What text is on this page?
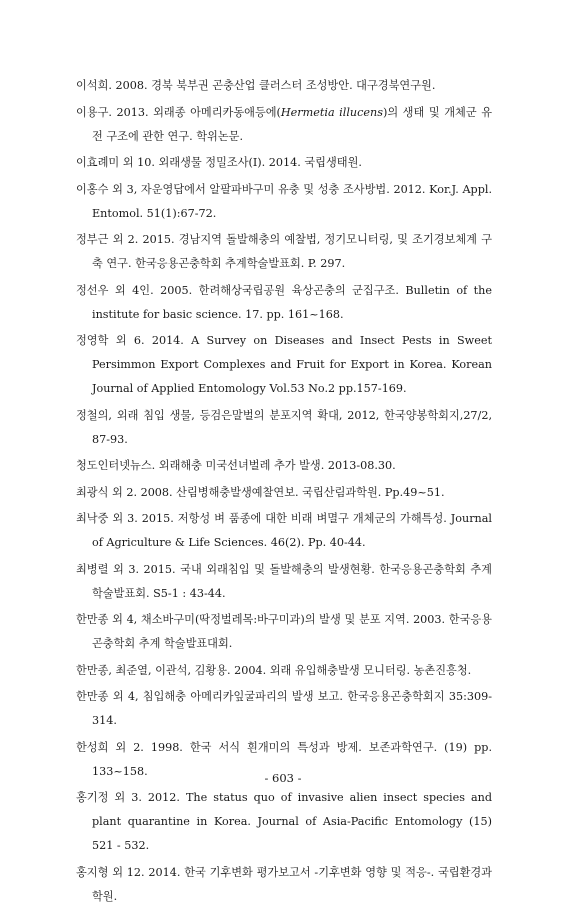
이석희. 2008. 경북 북부권 곤충산업 클러스터 조성방안. 대구경북연구원.

이용구. 2013. 외래종 아메리카동애등에(Hermetia illucens)의 생태 및 개체군 유전 구조에 관한 연구. 학위논문.

이효례미 외 10. 외래생물 정밀조사(I). 2014. 국립생태원.

이홍수 외 3, 자운영답에서 알팔파바구미 유충 및 성충 조사방법. 2012. Kor.J. Appl. Entomol. 51(1):67-72.

정부근 외 2. 2015. 경남지역 돌발해충의 예찰법, 정기모니터링, 및 조기경보체계 구축 연구. 한국응용곤충학회 추계학술발표회. P. 297.

정선우 외 4인. 2005. 한려해상국립공원 육상곤충의 군집구조. Bulletin of the institute for basic science. 17. pp. 161~168.

정영학 외 6. 2014. A Survey on Diseases and Insect Pests in Sweet Persimmon Export Complexes and Fruit for Export in Korea. Korean Journal of Applied Entomology Vol.53 No.2 pp.157-169.

정철의, 외래 침입 생물, 등검은말벌의 분포지역 확대, 2012, 한국양봉학회지,27/2, 87-93.

청도인터넷뉴스. 외래해충 미국선녀벌레 추가 발생. 2013-08.30.

최광식 외 2. 2008. 산림병해충발생예찰연보. 국립산림과학원. Pp.49~51.

최낙중 외 3. 2015. 저항성 벼 품종에 대한 비래 벼멸구 개체군의 가해특성. Journal of Agriculture & Life Sciences. 46(2). Pp. 40-44.

최병렬 외 3. 2015. 국내 외래침입 및 돌발해충의 발생현황. 한국응용곤충학회 추계학술발표회. S5-1 : 43-44.

한만종 외 4, 채소바구미(딱정벌레목:바구미과)의 발생 및 분포 지역. 2003. 한국응용곤충학회 추계 학술발표대회.

한만종, 최준열, 이관석, 김황용. 2004. 외래 유입해충발생 모니터링. 농촌진흥청.

한만종 외 4, 침입해충 아메리카잎굴파리의 발생 보고. 한국응용곤충학회지 35:309-314.

한성희 외 2. 1998. 한국 서식 흰개미의 특성과 방제. 보존과학연구. (19) pp. 133~158.

홍기정 외 3. 2012. The status quo of invasive alien insect species and plant quarantine in Korea. Journal of Asia-Pacific Entomology (15) 521 - 532.

홍지형 외 12. 2014. 한국 기후변화 평가보고서 -기후변화 영향 및 적응-. 국립환경과학원.

- 603 -
